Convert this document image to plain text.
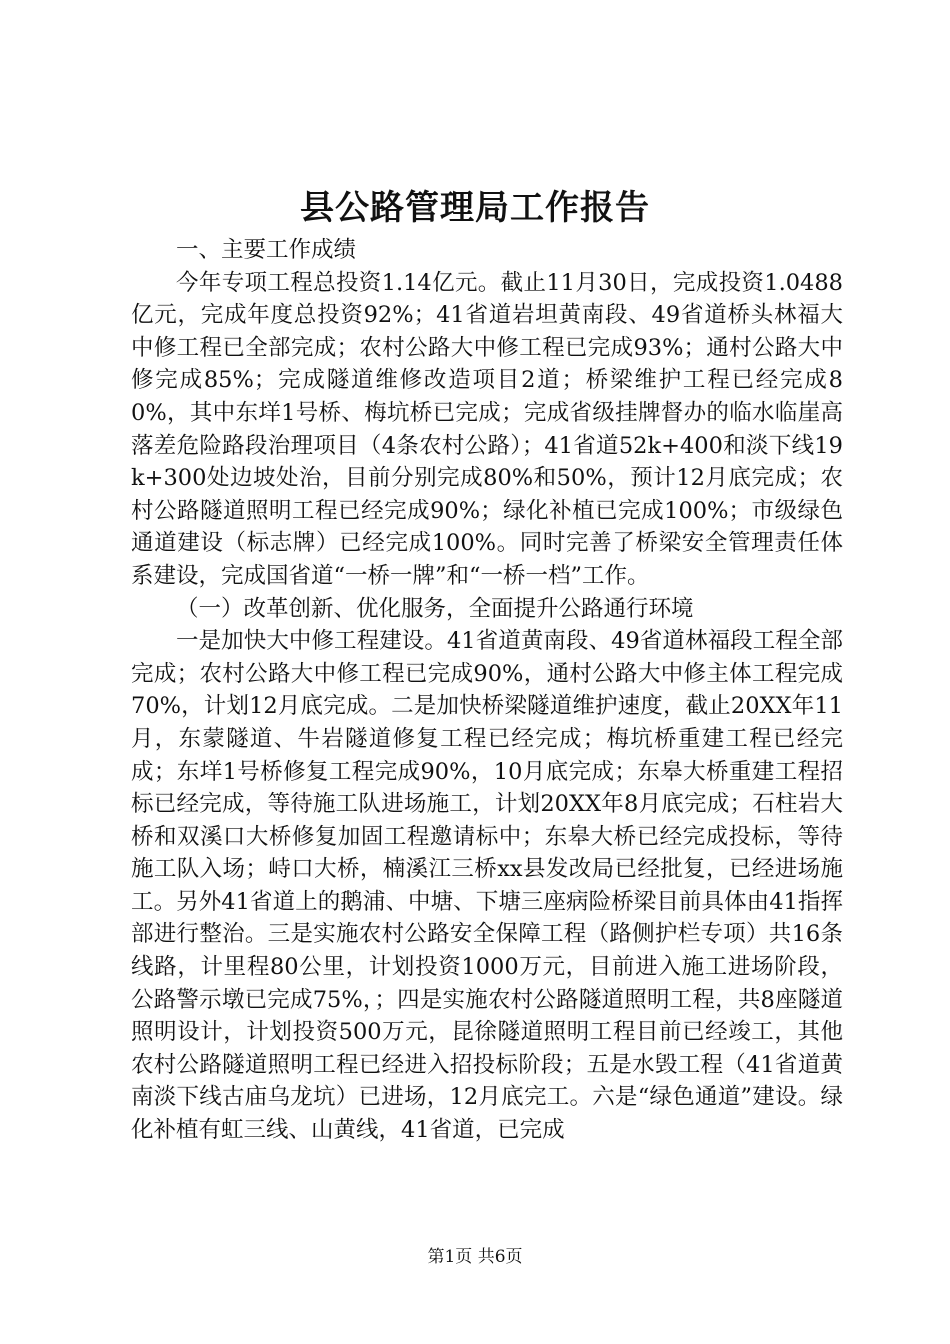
县公路管理局工作报告

一、主要工作成绩

今年专项工程总投资1.14亿元。截止11月30日，完成投资1.0488亿元，完成年度总投资92%；41省道岩坦黄南段、49省道桥头林福大中修工程已全部完成；农村公路大中修工程已完成93%；通村公路大中修完成85%；完成隧道维修改造项目2道；桥梁维护工程已经完成80%，其中东垟1号桥、梅坑桥已完成；完成省级挂牌督办的临水临崖高落差危险路段治理项目（4条农村公路）；41省道52k+400和淡下线19k+300处边坡处治，目前分别完成80%和50%，预计12月底完成；农村公路隧道照明工程已经完成90%；绿化补植已完成100%；市级绿色通道建设（标志牌）已经完成100%。同时完善了桥梁安全管理责任体系建设，完成国省道“一桥一牌”和“一桥一档”工作。

（一）改革创新、优化服务，全面提升公路通行环境

一是加快大中修工程建设。41省道黄南段、49省道林福段工程全部完成；农村公路大中修工程已完成90%，通村公路大中修主体工程完成70%，计划12月底完成。二是加快桥梁隧道维护速度，截止20XX年11月，东蒙隧道、牛岩隧道修复工程已经完成；梅坑桥重建工程已经完成；东垟1号桥修复工程完成90%，10月底完成；东皋大桥重建工程招标已经完成，等待施工队进场施工，计划20XX年8月底完成；石柱岩大桥和双溪口大桥修复加固工程邀请标中；东皋大桥已经完成投标，等待施工队入场；峙口大桥，楠溪江三桥xx县发改局已经批复，已经进场施工。另外41省道上的鹅浦、中塘、下塘三座病险桥梁目前具体由41指挥部进行整治。三是实施农村公路安全保障工程（路侧护栏专项）共16条线路，计里程80公里，计划投资1000万元，目前进入施工进场阶段，公路警示墩已完成75%，；四是实施农村公路隧道照明工程，共8座隧道照明设计，计划投资500万元，昆徐隧道照明工程目前已经竣工，其他农村公路隧道照明工程已经进入招投标阶段；五是水毁工程（41省道黄南淡下线古庙乌龙坑）已进场，12月底完工。六是“绿色通道”建设。绿化补植有虹三线、山黄线，41省道，已完成

第1页 共6页
